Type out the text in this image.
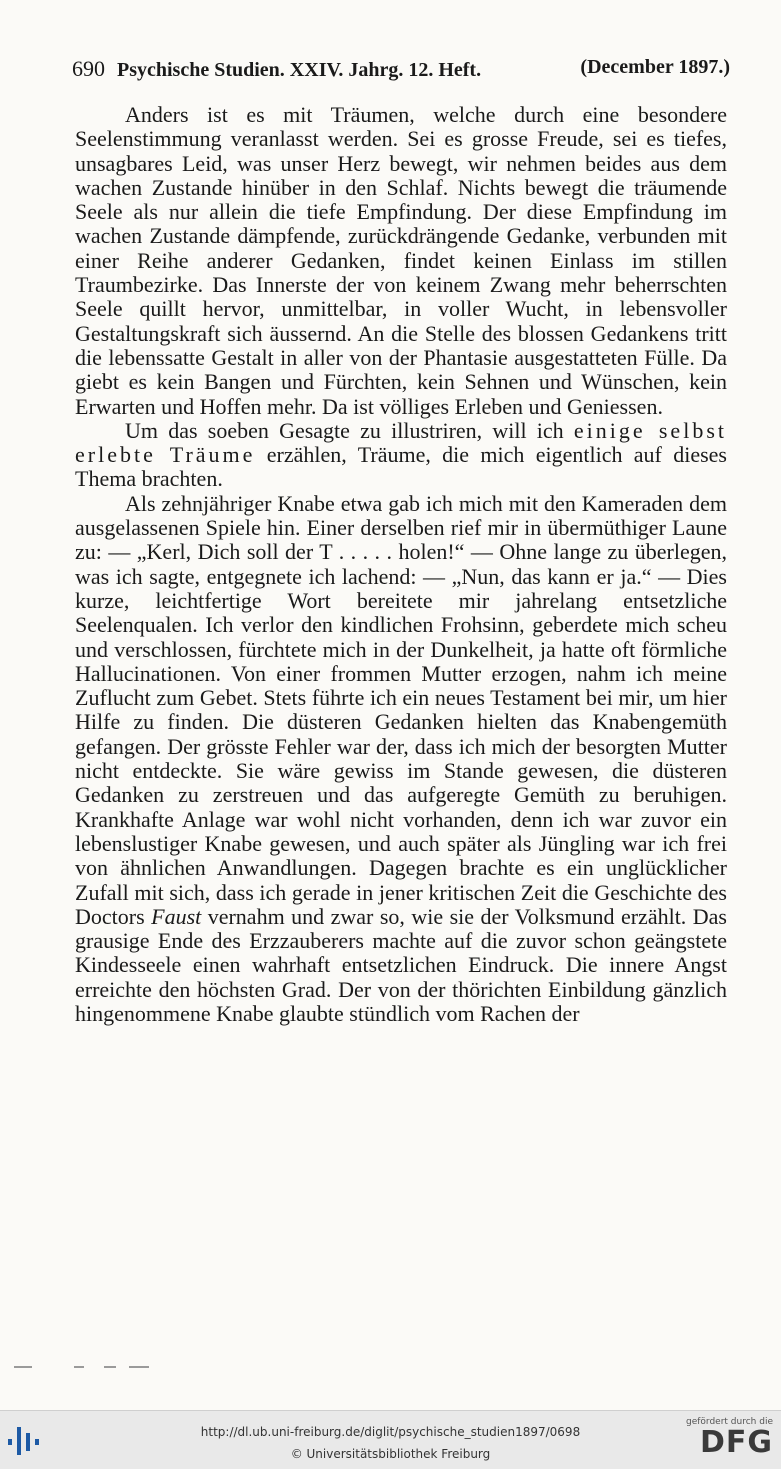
690 Psychische Studien. XXIV. Jahrg. 12. Heft.	(December 1897.)

Anders ist es mit Träumen, welche durch eine besondere Seelenstimmung veranlasst werden. Sei es grosse Freude, sei es tiefes, unsagbares Leid, was unser Herz bewegt, wir nehmen beides aus dem wachen Zustande hinüber in den Schlaf. Nichts bewegt die träumende Seele als nur allein die tiefe Empfindung. Der diese Empfindung im wachen Zustande dämpfende, zurückdrängende Gedanke, verbunden mit einer Reihe anderer Gedanken, findet keinen Einlass im stillen Traumbezirke. Das Innerste der von keinem Zwang mehr beherrschten Seele quillt hervor, unmittelbar, in voller Wucht, in lebensvoller Gestaltungskraft sich äussernd. An die Stelle des blossen Gedankens tritt die lebenssatte Gestalt in aller von der Phantasie ausgestatteten Fülle. Da giebt es kein Bangen und Fürchten, kein Sehnen und Wünschen, kein Erwarten und Hoffen mehr. Da ist völliges Erleben und Geniessen.

Um das soeben Gesagte zu illustriren, will ich einige selbst erlebte Träume erzählen, Träume, die mich eigentlich auf dieses Thema brachten.

Als zehnjähriger Knabe etwa gab ich mich mit den Kameraden dem ausgelassenen Spiele hin. Einer derselben rief mir in übermüthiger Laune zu: — „Kerl, Dich soll der T . . . . . holen!“ — Ohne lange zu überlegen, was ich sagte, entgegnete ich lachend: — „Nun, das kann er ja.“ — Dies kurze, leichtfertige Wort bereitete mir jahrelang entsetzliche Seelenqualen. Ich verlor den kindlichen Frohsinn, geberdete mich scheu und verschlossen, fürchtete mich in der Dunkelheit, ja hatte oft förmliche Hallucinationen. Von einer frommen Mutter erzogen, nahm ich meine Zuflucht zum Gebet. Stets führte ich ein neues Testament bei mir, um hier Hilfe zu finden. Die düsteren Gedanken hielten das Knabengemüth gefangen. Der grösste Fehler war der, dass ich mich der besorgten Mutter nicht entdeckte. Sie wäre gewiss im Stande gewesen, die düsteren Gedanken zu zerstreuen und das aufgeregte Gemüth zu beruhigen. Krankhafte Anlage war wohl nicht vorhanden, denn ich war zuvor ein lebenslustiger Knabe gewesen, und auch später als Jüngling war ich frei von ähnlichen Anwandlungen. Dagegen brachte es ein unglücklicher Zufall mit sich, dass ich gerade in jener kritischen Zeit die Geschichte des Doctors Faust vernahm und zwar so, wie sie der Volksmund erzählt. Das grausige Ende des Erzzauberers machte auf die zuvor schon geängstete Kindesseele einen wahrhaft entsetzlichen Eindruck. Die innere Angst erreichte den höchsten Grad. Der von der thörichten Einbildung gänzlich hingenommene Knabe glaubte stündlich vom Rachen der

http://dl.ub.uni-freiburg.de/diglit/psychische_studien1897/0698
© Universitätsbibliothek Freiburg
gefördert durch die
DFG
